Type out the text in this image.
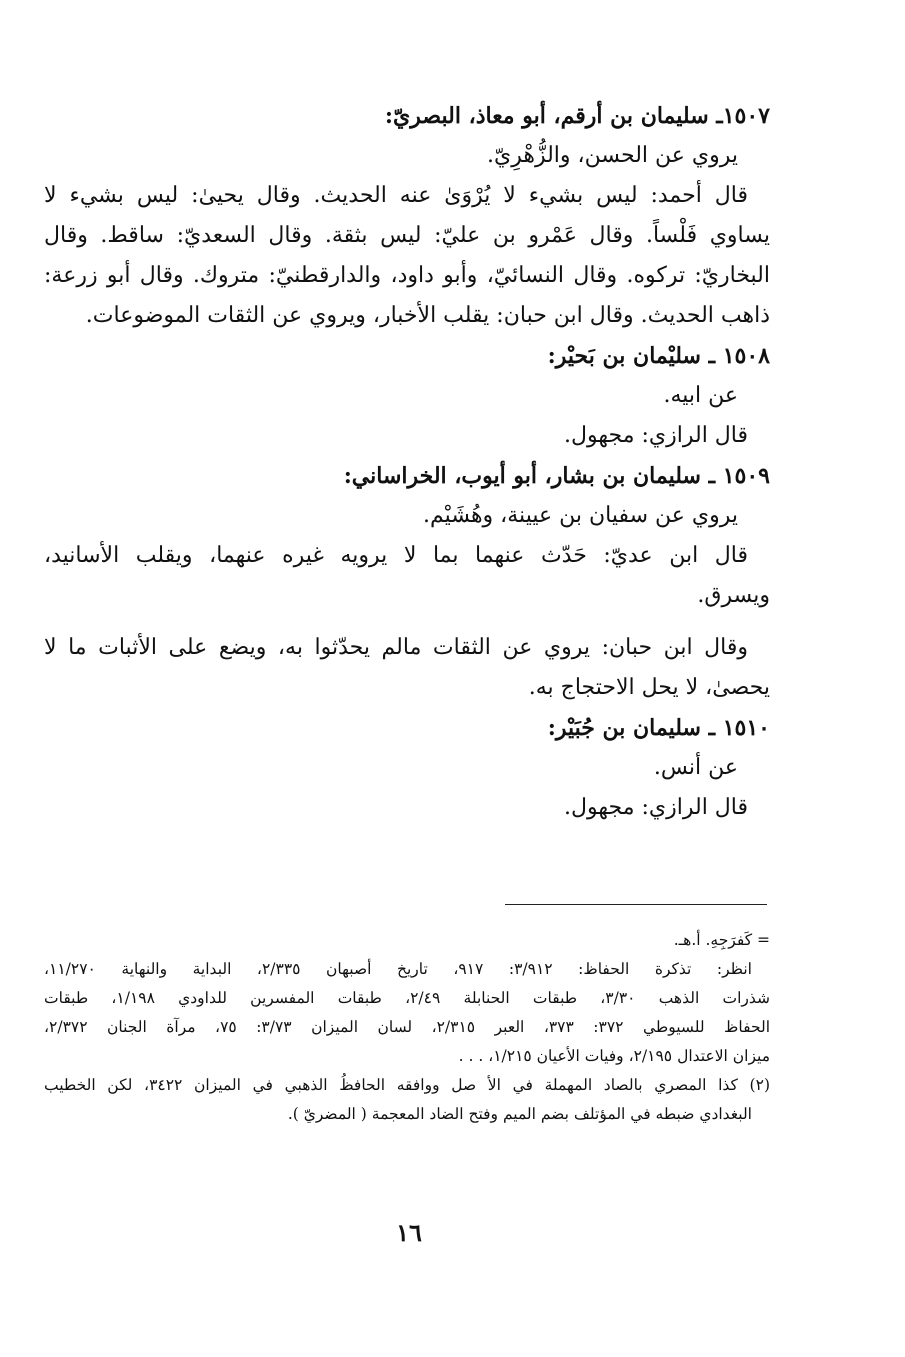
١٥٠٧ـ سليمان بن أرقم، أبو معاذ، البصريّ:
يروي عن الحسن، والزُّهْرِيّ.
قال أحمد: ليس بشيء لا يُرْوَىٰ عنه الحديث. وقال يحيىٰ: ليس بشيء لا
يساوي فَلْساً. وقال عَمْرو بن عليّ: ليس بثقة. وقال السعديّ: ساقط. وقال
البخاريّ: تركوه. وقال النسائيّ، وأبو داود، والدارقطنيّ: متروك. وقال أبو زرعة:
ذاهب الحديث. وقال ابن حبان: يقلب الأخبار، ويروي عن الثقات الموضوعات.
١٥٠٨ ـ سليْمان بن بَحيْر:
عن ابيه.
قال الرازي: مجهول.
١٥٠٩ ـ سليمان بن بشار، أبو أيوب، الخراساني:
يروي عن سفيان بن عيينة، وهُشَيْم.
قال ابن عديّ: حَدّث عنهما بما لا يرويه غيره عنهما، ويقلب الأسانيد،
ويسرق.
وقال ابن حبان: يروي عن الثقات مالم يحدّثوا به، ويضع على الأثبات ما لا
يحصىٰ، لا يحل الاحتجاج به.
١٥١٠ ـ سليمان بن جُبَيْر:
عن أنس.
قال الرازي: مجهول.
= كَفرَجِهِ. أ.هـ.
انظر: تذكرة الحفاظ: ٣/٩١٢: ٩١٧، تاريخ أصبهان ٢/٣٣٥، البداية والنهاية ١١/٢٧٠،
شذرات الذهب ٣/٣٠، طبقات الحنابلة ٢/٤٩، طبقات المفسرين للداودي ١/١٩٨، طبقات
الحفاظ للسيوطي ٣٧٢: ٣٧٣، العبر ٢/٣١٥، لسان الميزان ٣/٧٣: ٧٥، مرآة الجنان ٢/٣٧٢،
ميزان الاعتدال ٢/١٩٥، وفيات الأعيان ١/٢١٥، . . .
(٢) كذا المصري بالصاد المهملة في الأ صل ووافقه الحافظُ الذهبي في الميزان ٣٤٢٢، لكن الخطيب
البغدادي ضبطه في المؤتلف بضم الميم وفتح الضاد المعجمة ( المضريّ ).
١٦
